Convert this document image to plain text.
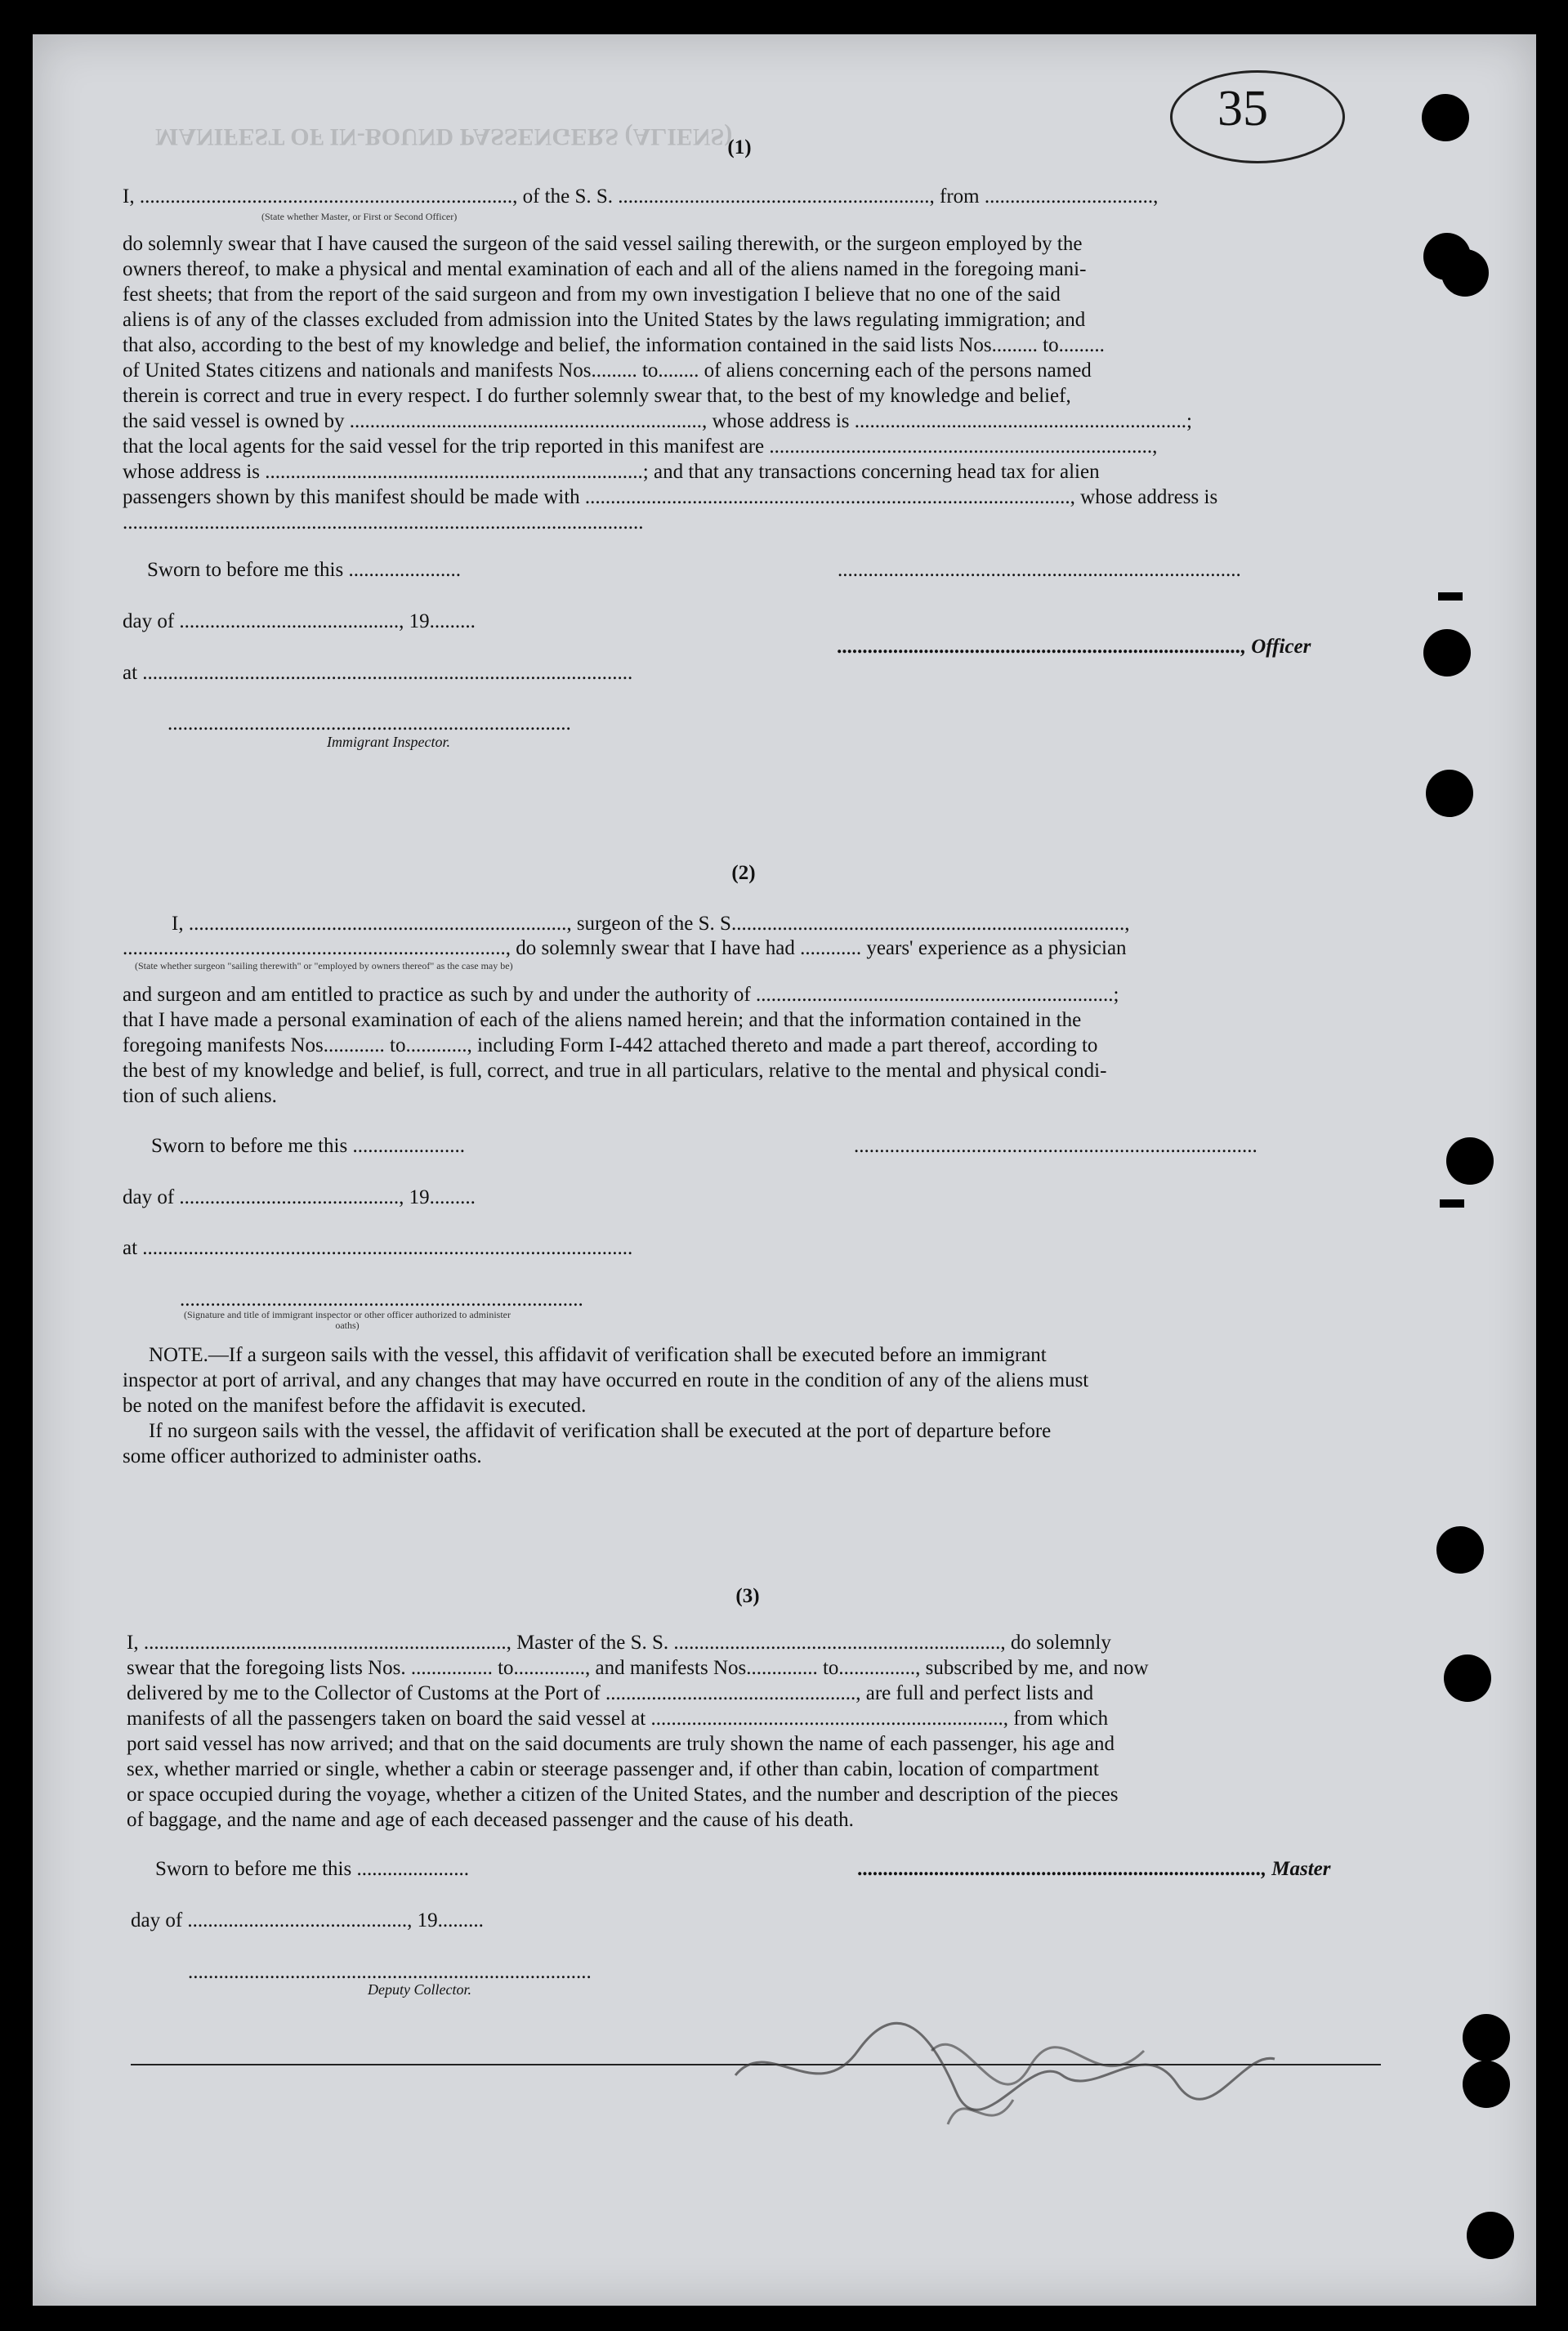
MANIFEST OF IN-BOUND PASSENGERS (ALIENS)
35
(1)
I, ........................................................................., of the S. S. ............................................................., from .................................,
(State whether Master, or First or Second Officer)
do solemnly swear that I have caused the surgeon of the said vessel sailing therewith, or the surgeon employed by the
owners thereof, to make a physical and mental examination of each and all of the aliens named in the foregoing mani-
fest sheets; that from the report of the said surgeon and from my own investigation I believe that no one of the said
aliens is of any of the classes excluded from admission into the United States by the laws regulating immigration; and
that also, according to the best of my knowledge and belief, the information contained in the said lists Nos......... to.........
of United States citizens and nationals and manifests Nos......... to........ of aliens concerning each of the persons named
therein is correct and true in every respect. I do further solemnly swear that, to the best of my knowledge and belief,
the said vessel is owned by ....................................................................., whose address is .................................................................;
that the local agents for the said vessel for the trip reported in this manifest are ...........................................................................,
whose address is ..........................................................................; and that any transactions concerning head tax for alien
passengers shown by this manifest should be made with ..............................................................................................., whose address is
......................................................................................................
Sworn to before me this ......................	...............................................................................
day of ..........................................., 19.........
..............................................................................., Officer
at ................................................................................................
...............................................................................
Immigrant Inspector.
(2)
I, .........................................................................., surgeon of the S. S.............................................................................,
..........................................................................., do solemnly swear that I have had ............ years' experience as a physician
(State whether surgeon "sailing therewith" or "employed by owners thereof" as the case may be)
and surgeon and am entitled to practice as such by and under the authority of ......................................................................;
that I have made a personal examination of each of the aliens named herein; and that the information contained in the
foregoing manifests Nos............ to............, including Form I-442 attached thereto and made a part thereof, according to
the best of my knowledge and belief, is full, correct, and true in all particulars, relative to the mental and physical condi-
tion of such aliens.
Sworn to before me this ......................	...............................................................................
day of ..........................................., 19.........
at ................................................................................................
...............................................................................
(Signature and title of immigrant inspector or other officer authorized to administer oaths)
NOTE.—If a surgeon sails with the vessel, this affidavit of verification shall be executed before an immigrant
inspector at port of arrival, and any changes that may have occurred en route in the condition of any of the aliens must
be noted on the manifest before the affidavit is executed.
If no surgeon sails with the vessel, the affidavit of verification shall be executed at the port of departure before
some officer authorized to administer oaths.
(3)
I, ......................................................................., Master of the S. S. ................................................................, do solemnly
swear that the foregoing lists Nos. ................ to.............., and manifests Nos.............. to..............., subscribed by me, and now
delivered by me to the Collector of Customs at the Port of ................................................., are full and perfect lists and
manifests of all the passengers taken on board the said vessel at ....................................................................., from which
port said vessel has now arrived; and that on the said documents are truly shown the name of each passenger, his age and
sex, whether married or single, whether a cabin or steerage passenger and, if other than cabin, location of compartment
or space occupied during the voyage, whether a citizen of the United States, and the number and description of the pieces
of baggage, and the name and age of each deceased passenger and the cause of his death.
Sworn to before me this ......................	..............................................................................., Master
day of ..........................................., 19.........
...............................................................................
Deputy Collector.
